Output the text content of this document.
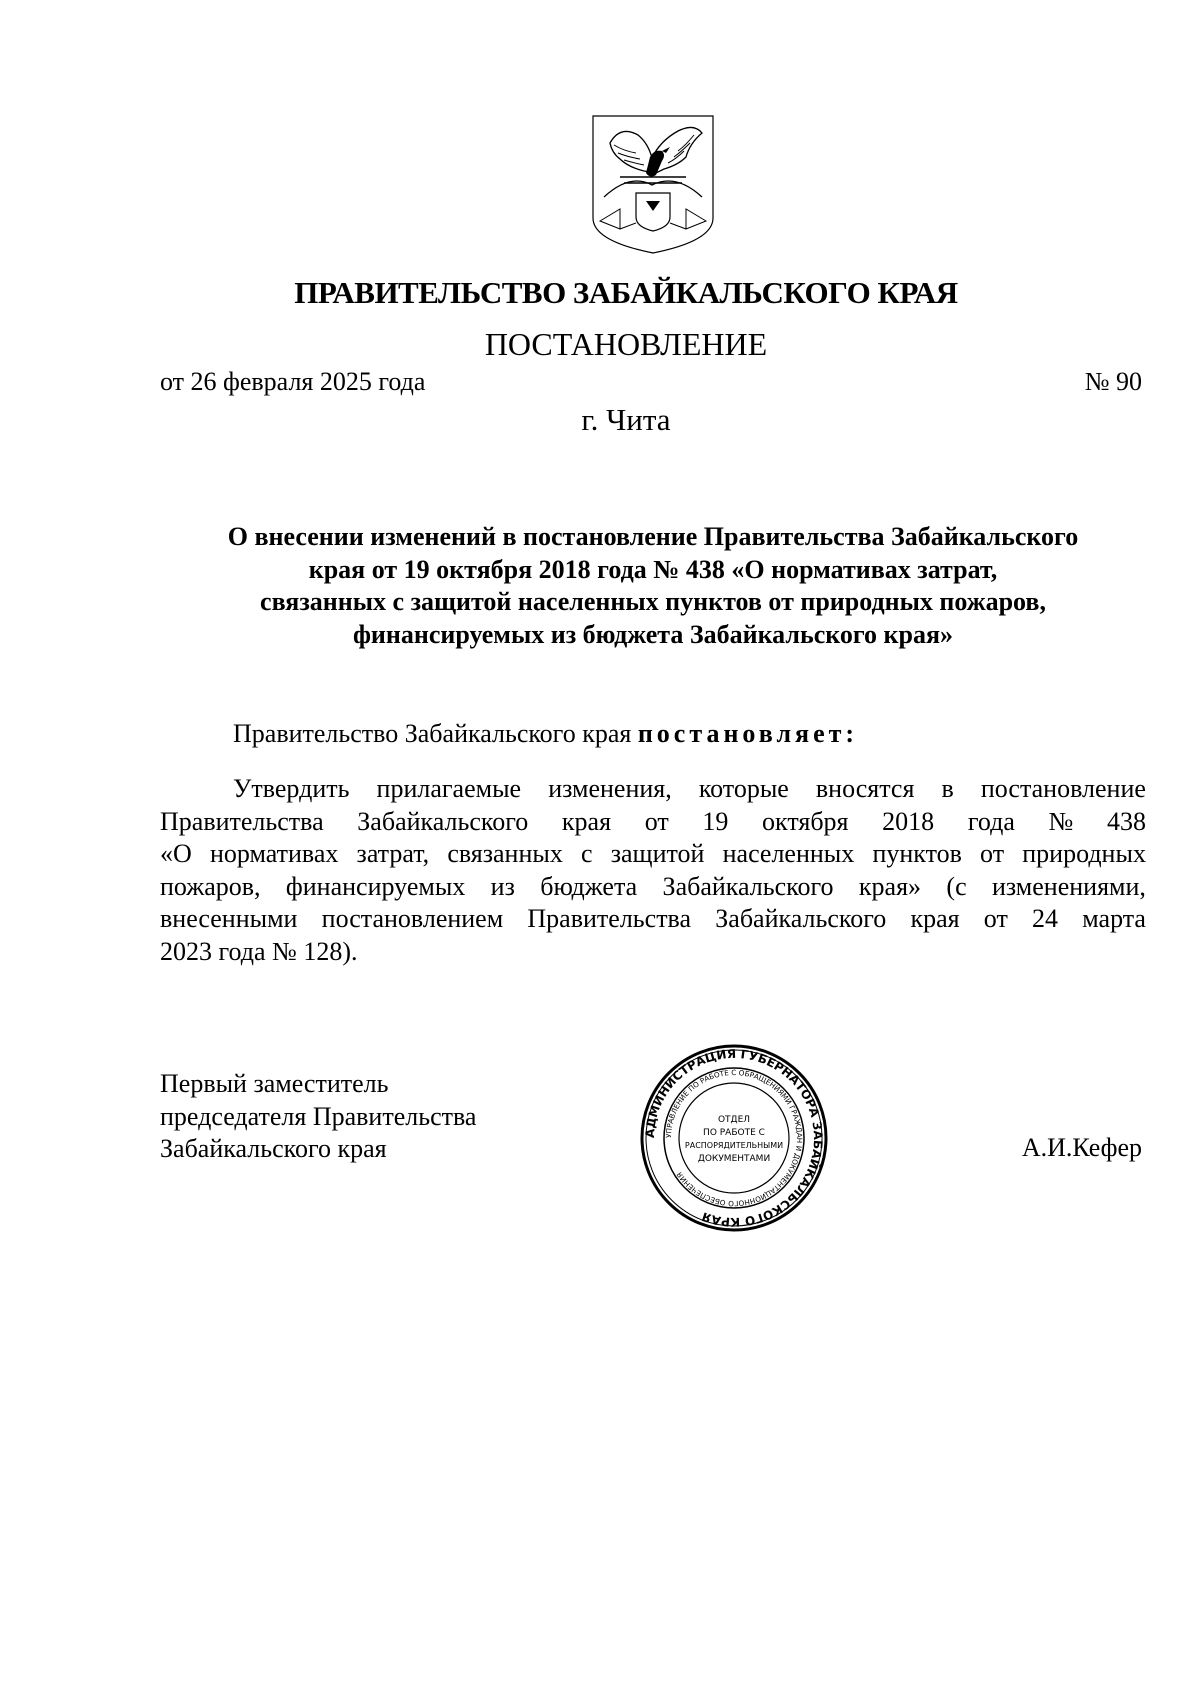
ПРАВИТЕЛЬСТВО ЗАБАЙКАЛЬСКОГО КРАЯ
ПОСТАНОВЛЕНИЕ
от 26 февраля 2025 года	№ 90
г. Чита
О внесении изменений в постановление Правительства Забайкальского
края от 19 октября 2018 года № 438 «О нормативах затрат,
связанных с защитой населенных пунктов от природных пожаров,
финансируемых из бюджета Забайкальского края»
Правительство Забайкальского края постановляет:
Утвердить прилагаемые изменения, которые вносятся в постановление
Правительства Забайкальского края от 19 октября 2018 года № 438
«О нормативах затрат, связанных с защитой населенных пунктов от природных
пожаров, финансируемых из бюджета Забайкальского края» (с изменениями,
внесенными постановлением Правительства Забайкальского края от 24 марта
2023 года № 128).
Первый заместитель
председателя Правительства
Забайкальского края	А.И.Кефер
АДМИНИСТРАЦИЯ ГУБЕРНАТОРА ЗАБАЙКАЛЬСКОГО КРАЯ
УПРАВЛЕНИЕ ПО РАБОТЕ С ОБРАЩЕНИЯМИ ГРАЖДАН И ДОКУМЕНТАЦИОННОГО ОБЕСПЕЧЕНИЯ
ОТДЕЛ
ПО РАБОТЕ С
РАСПОРЯДИТЕЛЬНЫМИ
ДОКУМЕНТАМИ
